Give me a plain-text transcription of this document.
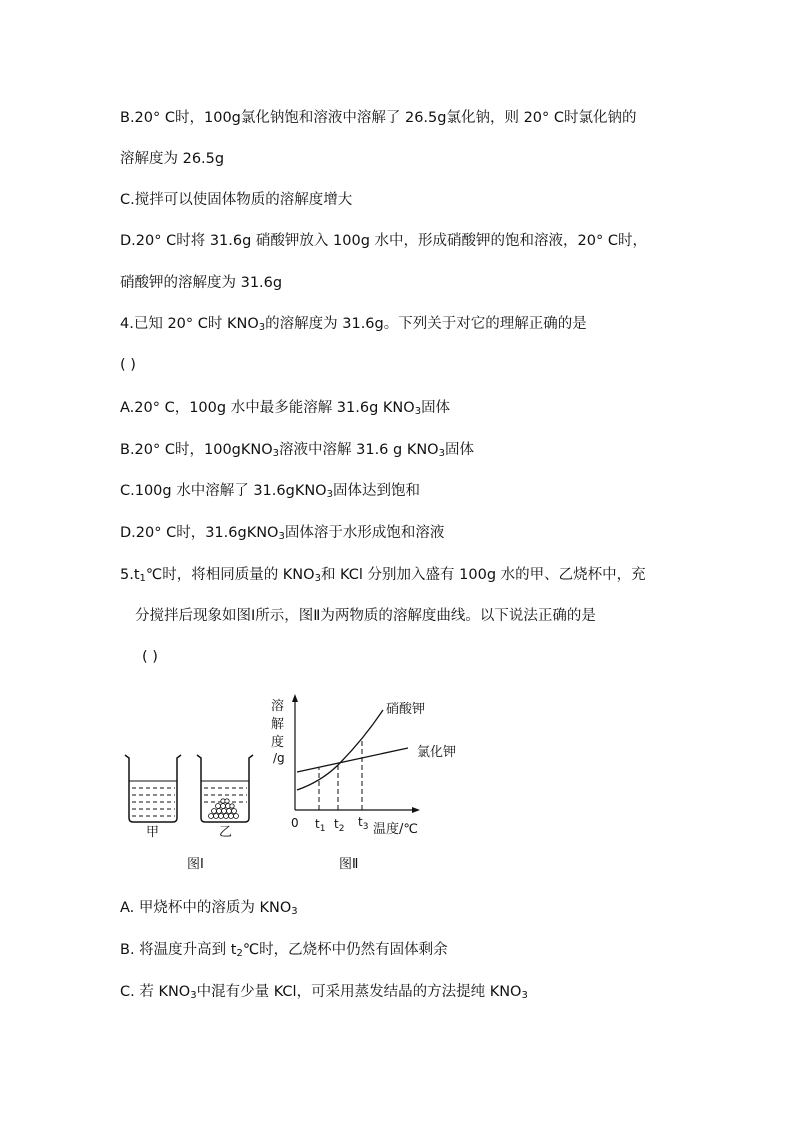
B.20° C时，100g氯化钠饱和溶液中溶解了 26.5g氯化钠，则 20° C时氯化钠的
溶解度为 26.5g
C.搅拌可以使固体物质的溶解度增大
D.20° C时将 31.6g 硝酸钾放入 100g 水中，形成硝酸钾的饱和溶液，20° C时，
硝酸钾的溶解度为 31.6g
4.已知 20° C时 $KNO_3$的溶解度为 31.6g。下列关于对它的理解正确的是
( )
A.20° C，100g 水中最多能溶解 31.6g $KNO_3$固体
B.20° C时，100gKNO$_3$溶液中溶解 31.6 g $KNO_3$固体
C.100g 水中溶解了 31.6gKNO$_3$固体达到饱和
D.20° C时，31.6gKNO$_3$固体溶于水形成饱和溶液
$5.t_1℃$时，将相同质量的 $KNO_3$和 KCl 分别加入盛有 100g 水的甲、乙烧杯中，充
分搅拌后现象如图Ⅰ所示，图Ⅱ为两物质的溶解度曲线。以下说法正确的是
( )
甲	乙
图Ⅰ	图Ⅱ
溶
解
度
/g
0 $t_1$ $t_2$ $t_3$ 温度/℃
硝酸钾
氯化钾
A. 甲烧杯中的溶质为 $KNO_3$
B. 将温度升高到 $t_2℃$时，乙烧杯中仍然有固体剩余
C. 若 $KNO_3$中混有少量 KCl，可采用蒸发结晶的方法提纯 $KNO_3$
